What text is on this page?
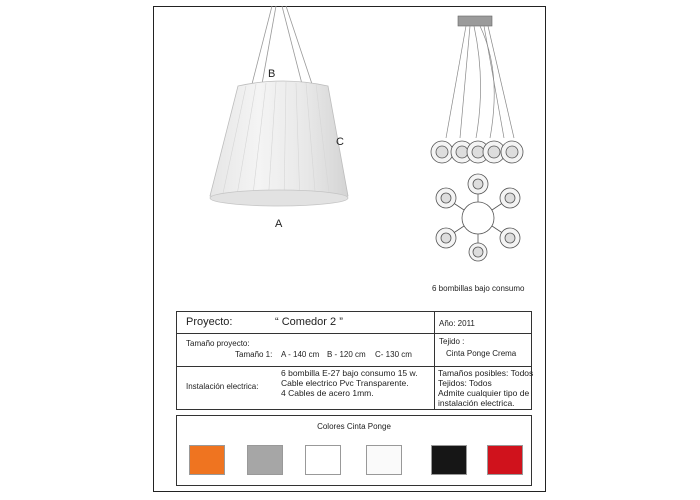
B
C
A
6 bombillas bajo consumo
Proyecto:	“ Comedor 2 ”	Año: 2011
Tamaño proyecto:
Tamaño 1: A - 140 cm B - 120 cm C- 130 cm
Tejido :
Cinta Ponge Crema
Instalación electrica:
6 bombilla E-27 bajo consumo 15 w.
Cable electrico Pvc Transparente.
4 Cables de acero 1mm.
Tamaños posibles: Todos
Tejidos: Todos
Admite cualquier tipo de
instalación electrica.
Colores Cinta Ponge
